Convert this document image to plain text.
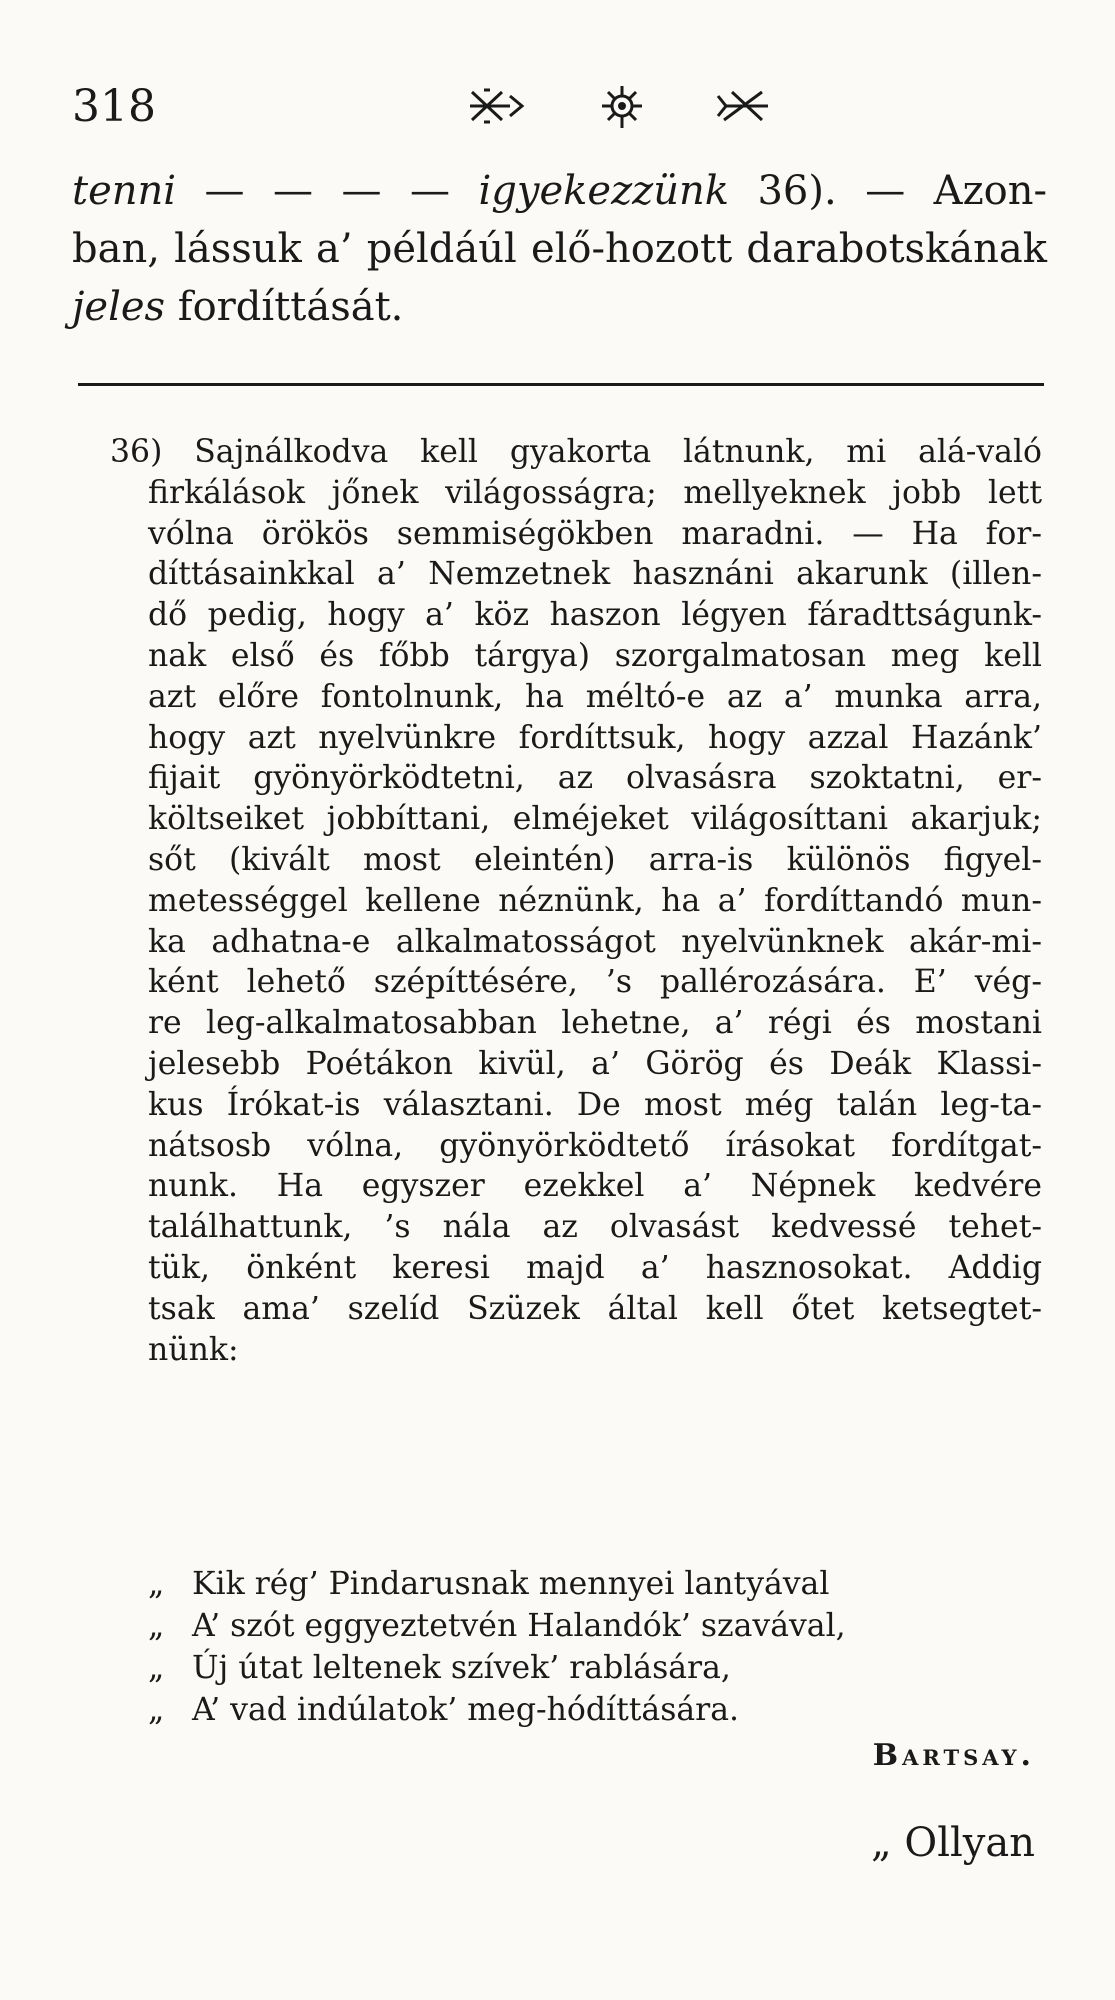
318
tenni — — — — igyekezzünk 36). — Azon-
ban, lássuk a’ példáúl elő-hozott darabotskának
jeles fordíttását.
36) Sajnálkodva kell gyakorta látnunk, mi alá-való
firkálások jőnek világosságra; mellyeknek jobb lett
vólna örökös semmiségökben maradni. — Ha for-
díttásainkkal a’ Nemzetnek hasznáni akarunk (illen-
dő pedig, hogy a’ köz haszon légyen fáradttságunk-
nak első és főbb tárgya) szorgalmatosan meg kell
azt előre fontolnunk, ha méltó-e az a’ munka arra,
hogy azt nyelvünkre fordíttsuk, hogy azzal Hazánk’
fijait gyönyörködtetni, az olvasásra szoktatni, er-
költseiket jobbíttani, elméjeket világosíttani akarjuk;
sőt (kivált most eleintén) arra-is különös figyel-
metességgel kellene néznünk, ha a’ fordíttandó mun-
ka adhatna-e alkalmatosságot nyelvünknek akár-mi-
ként lehető szépíttésére, ’s pallérozására. E’ vég-
re leg-alkalmatosabban lehetne, a’ régi és mostani
jelesebb Poétákon kivül, a’ Görög és Deák Klassi-
kus Írókat-is választani. De most még talán leg-ta-
nátsosb vólna, gyönyörködtető írásokat fordítgat-
nunk. Ha egyszer ezekkel a’ Népnek kedvére
találhattunk, ’s nála az olvasást kedvessé tehet-
tük, önként keresi majd a’ hasznosokat. Addig
tsak ama’ szelíd Szüzek által kell őtet ketsegtet-
nünk:
„ Kik rég’ Pindarusnak mennyei lantyával
„ A’ szót eggyeztetvén Halandók’ szavával,
„ Új útat leltenek szívek’ rablására,
„ A’ vad indúlatok’ meg-hódíttására.
Bartsay.
„ Ollyan
